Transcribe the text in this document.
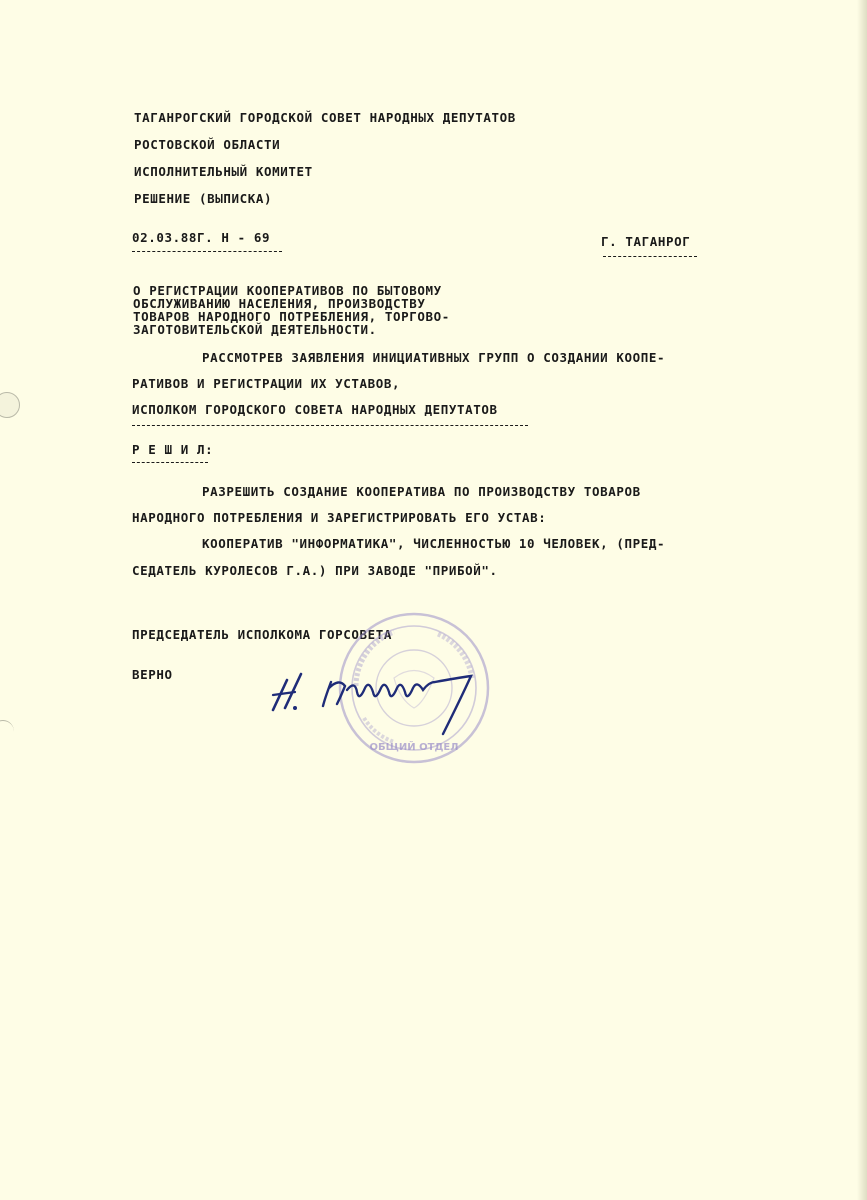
ТАГАНРОГСКИЙ ГОРОДСКОЙ СОВЕТ НАРОДНЫХ ДЕПУТАТОВ
РОСТОВСКОЙ ОБЛАСТИ
ИСПОЛНИТЕЛЬНЫЙ КОМИТЕТ
РЕШЕНИЕ (ВЫПИСКА)
02.03.88Г. Н - 69	Г. ТАГАНРОГ
О РЕГИСТРАЦИИ КООПЕРАТИВОВ ПО БЫТОВОМУ
ОБСЛУЖИВАНИЮ НАСЕЛЕНИЯ, ПРОИЗВОДСТВУ
ТОВАРОВ НАРОДНОГО ПОТРЕБЛЕНИЯ, ТОРГОВО-
ЗАГОТОВИТЕЛЬСКОЙ ДЕЯТЕЛЬНОСТИ.
РАССМОТРЕВ ЗАЯВЛЕНИЯ ИНИЦИАТИВНЫХ ГРУПП О СОЗДАНИИ КООПЕ-
РАТИВОВ И РЕГИСТРАЦИИ ИХ УСТАВОВ,
ИСПОЛКОМ ГОРОДСКОГО СОВЕТА НАРОДНЫХ ДЕПУТАТОВ
Р Е Ш И Л:
РАЗРЕШИТЬ СОЗДАНИЕ КООПЕРАТИВА ПО ПРОИЗВОДСТВУ ТОВАРОВ
НАРОДНОГО ПОТРЕБЛЕНИЯ И ЗАРЕГИСТРИРОВАТЬ ЕГО УСТАВ:
КООПЕРАТИВ "ИНФОРМАТИКА", ЧИСЛЕННОСТЬЮ 10 ЧЕЛОВЕК, (ПРЕД-
СЕДАТЕЛЬ КУРОЛЕСОВ Г.А.) ПРИ ЗАВОДЕ "ПРИБОЙ".
ПРЕДСЕДАТЕЛЬ ИСПОЛКОМА ГОРСОВЕТА
ВЕРНО
ОБЩИЙ ОТДЕЛ
